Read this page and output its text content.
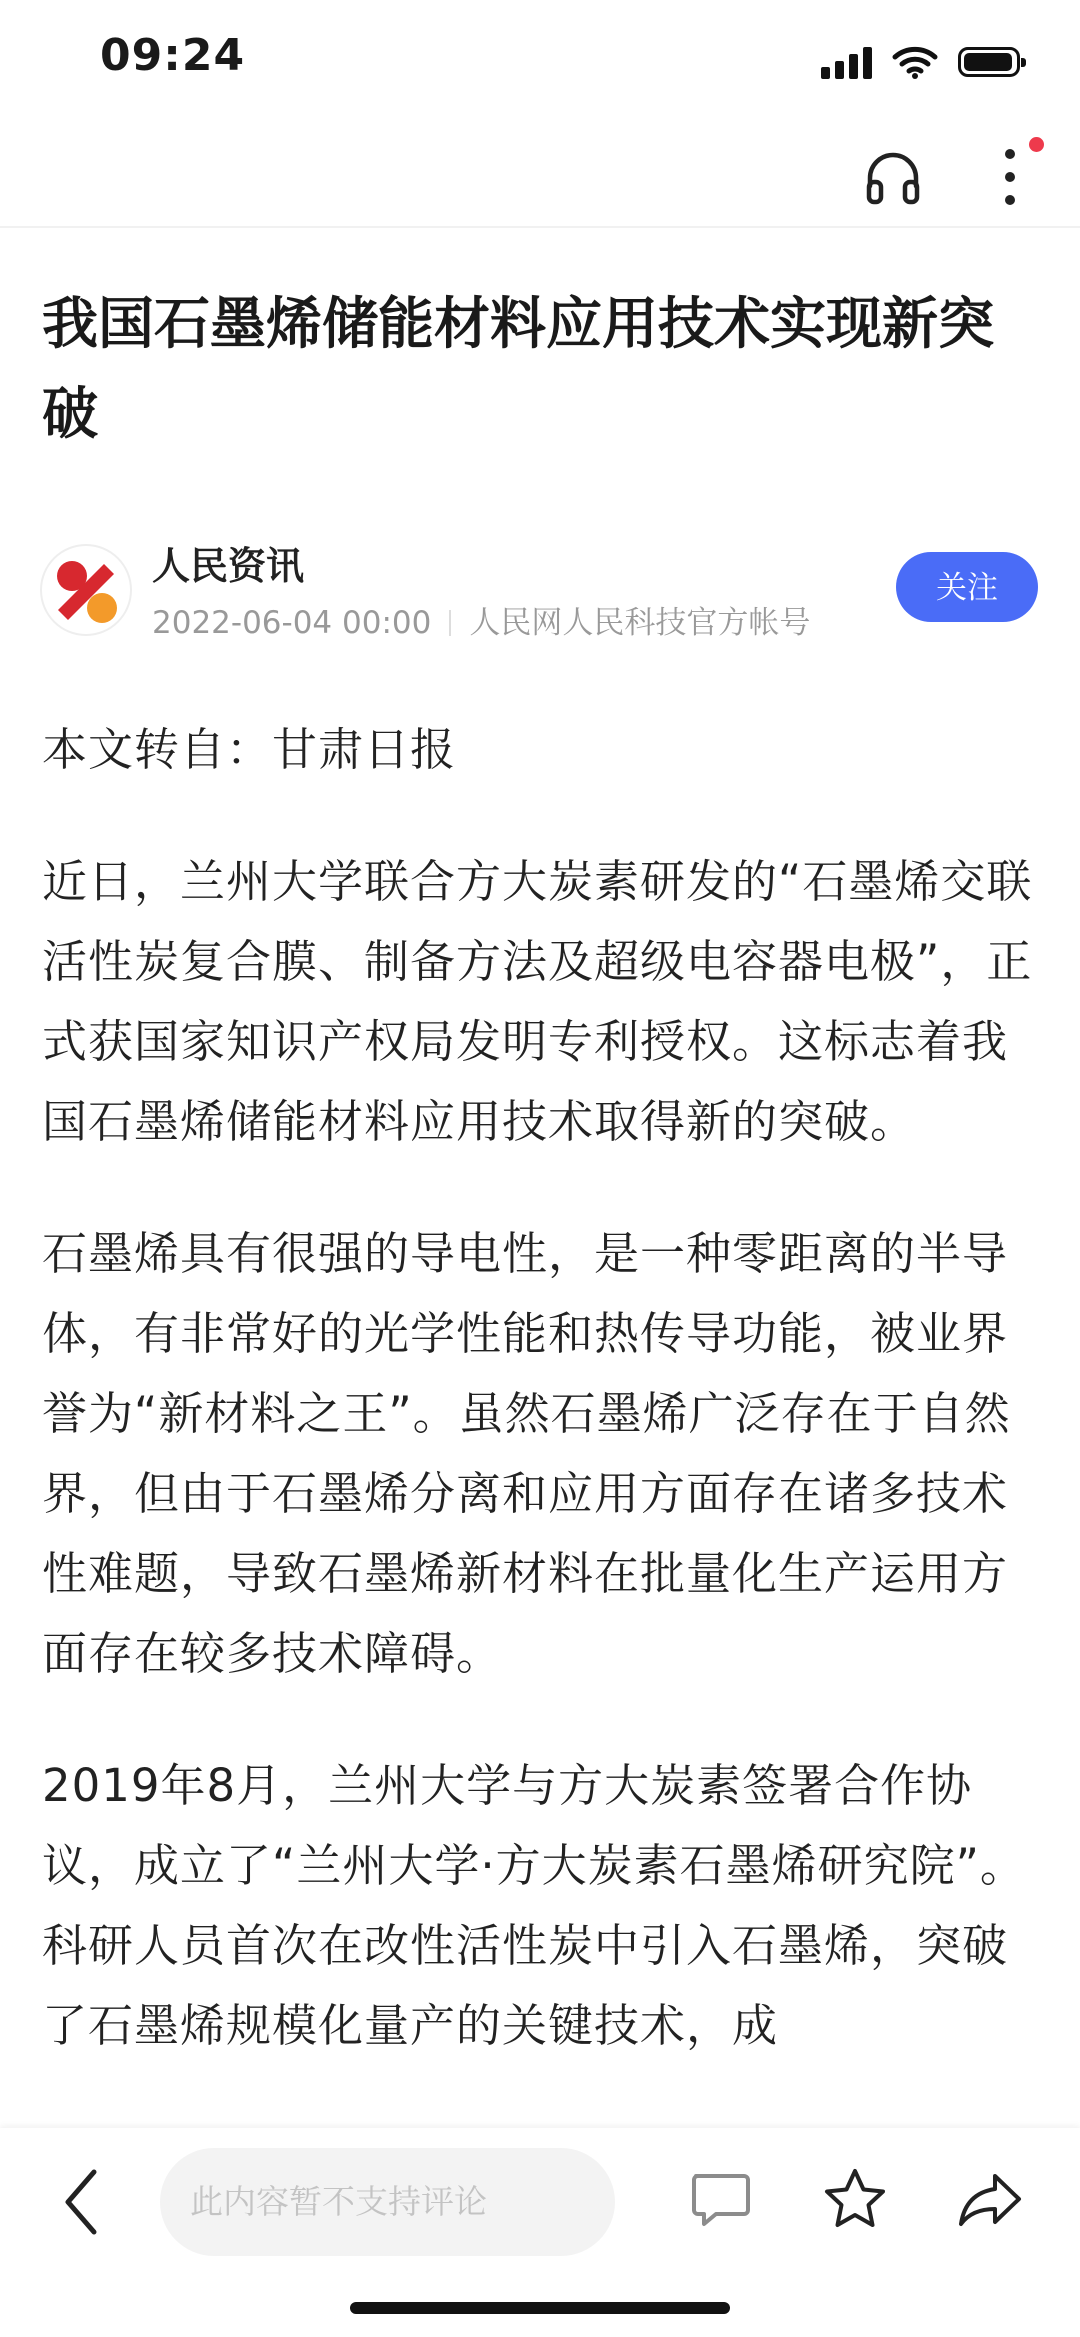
09:24
我国石墨烯储能材料应用技术实现新突破
人民资讯
2022-06-04 00:00 人民网人民科技官方帐号
关注

本文转自：甘肃日报

近日，兰州大学联合方大炭素研发的“石墨烯交联活性炭复合膜、制备方法及超级电容器电极”，正式获国家知识产权局发明专利授权。这标志着我国石墨烯储能材料应用技术取得新的突破。

石墨烯具有很强的导电性，是一种零距离的半导体，有非常好的光学性能和热传导功能，被业界誉为“新材料之王”。虽然石墨烯广泛存在于自然界，但由于石墨烯分离和应用方面存在诸多技术性难题，导致石墨烯新材料在批量化生产运用方面存在较多技术障碍。

2019年8月，兰州大学与方大炭素签署合作协议，成立了“兰州大学·方大炭素石墨烯研究院”。科研人员首次在改性活性炭中引入石墨烯，突破了石墨烯规模化量产的关键技术，成

此内容暂不支持评论
